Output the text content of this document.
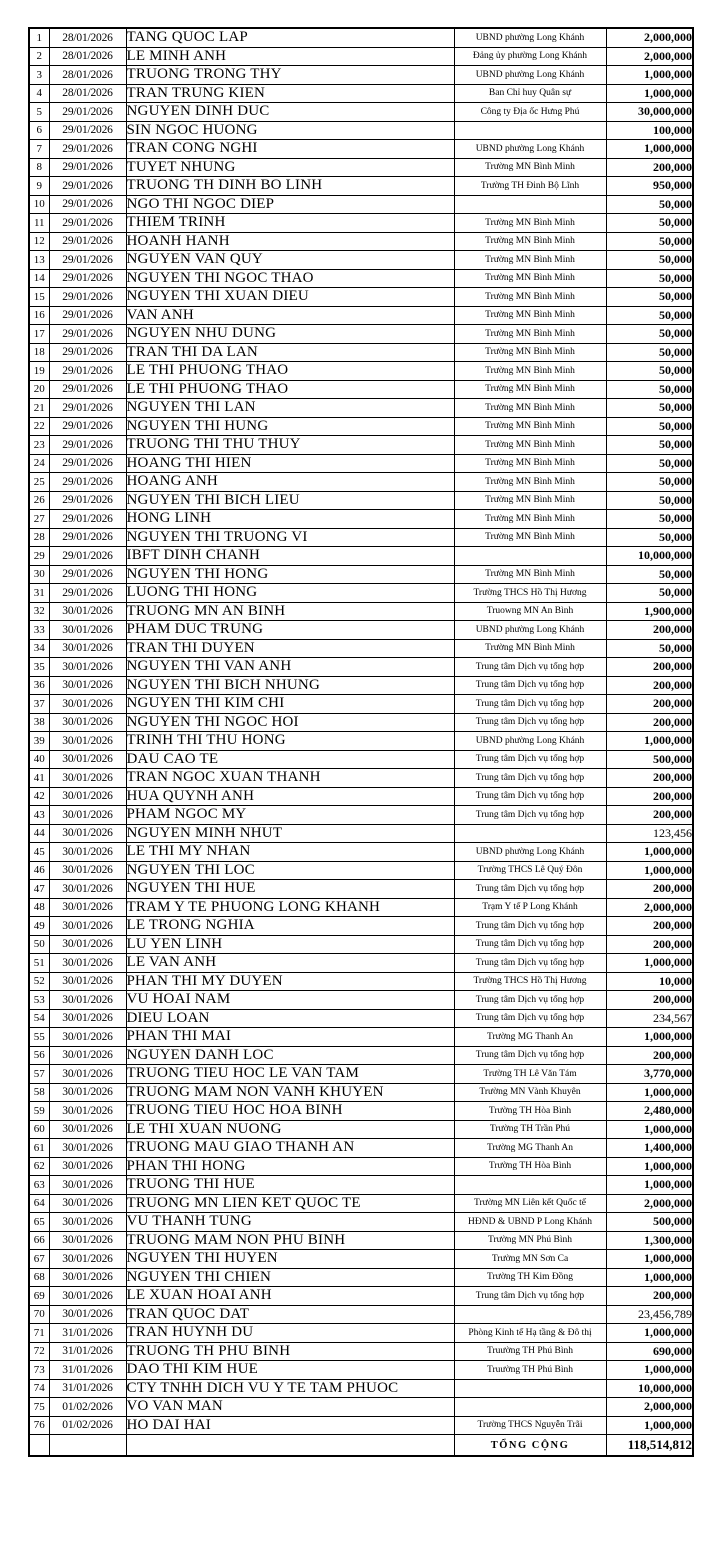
1	28/01/2026	TANG QUOC LAP	UBND phường Long Khánh	2,000,000
2	28/01/2026	LE MINH ANH	Đảng ủy phường Long Khánh	2,000,000
3	28/01/2026	TRUONG TRONG THY	UBND phường Long Khánh	1,000,000
4	28/01/2026	TRAN TRUNG KIEN	Ban Chỉ huy Quân sự	1,000,000
5	29/01/2026	NGUYEN DINH DUC	Công ty Địa ốc Hưng Phú	30,000,000
6	29/01/2026	SIN NGOC HUONG		100,000
7	29/01/2026	TRAN CONG NGHI	UBND phường Long Khánh	1,000,000
8	29/01/2026	TUYET NHUNG	Trường MN Bình Minh	200,000
9	29/01/2026	TRUONG TH DINH BO LINH	Trường TH Đinh Bộ Lĩnh	950,000
10	29/01/2026	NGO THI NGOC DIEP		50,000
11	29/01/2026	THIEM TRINH	Trường MN Bình Minh	50,000
12	29/01/2026	HOANH HANH	Trường MN Bình Minh	50,000
13	29/01/2026	NGUYEN VAN QUY	Trường MN Bình Minh	50,000
14	29/01/2026	NGUYEN THI NGOC THAO	Trường MN Bình Minh	50,000
15	29/01/2026	NGUYEN THI XUAN DIEU	Trường MN Bình Minh	50,000
16	29/01/2026	VAN ANH	Trường MN Bình Minh	50,000
17	29/01/2026	NGUYEN NHU DUNG	Trường MN Bình Minh	50,000
18	29/01/2026	TRAN THI DA LAN	Trường MN Bình Minh	50,000
19	29/01/2026	LE THI PHUONG THAO	Trường MN Bình Minh	50,000
20	29/01/2026	LE THI PHUONG THAO	Trường MN Bình Minh	50,000
21	29/01/2026	NGUYEN THI LAN	Trường MN Bình Minh	50,000
22	29/01/2026	NGUYEN THI HUNG	Trường MN Bình Minh	50,000
23	29/01/2026	TRUONG THI THU THUY	Trường MN Bình Minh	50,000
24	29/01/2026	HOANG THI HIEN	Trường MN Bình Minh	50,000
25	29/01/2026	HOANG ANH	Trường MN Bình Minh	50,000
26	29/01/2026	NGUYEN THI BICH LIEU	Trường MN Bình Minh	50,000
27	29/01/2026	HONG LINH	Trường MN Bình Minh	50,000
28	29/01/2026	NGUYEN THI TRUONG VI	Trường MN Bình Minh	50,000
29	29/01/2026	IBFT DINH CHANH		10,000,000
30	29/01/2026	NGUYEN THI HONG	Trường MN Bình Minh	50,000
31	29/01/2026	LUONG THI HONG	Trường THCS Hồ Thị Hương	50,000
32	30/01/2026	TRUONG MN AN BINH	Truowng MN An Bình	1,900,000
33	30/01/2026	PHAM DUC TRUNG	UBND phường Long Khánh	200,000
34	30/01/2026	TRAN THI DUYEN	Trường MN Bình Minh	50,000
35	30/01/2026	NGUYEN THI VAN ANH	Trung tâm Dịch vụ tổng hợp	200,000
36	30/01/2026	NGUYEN THI BICH NHUNG	Trung tâm Dịch vụ tổng hợp	200,000
37	30/01/2026	NGUYEN THI KIM CHI	Trung tâm Dịch vụ tổng hợp	200,000
38	30/01/2026	NGUYEN THI NGOC HOI	Trung tâm Dịch vụ tổng hợp	200,000
39	30/01/2026	TRINH THI THU HONG	UBND phường Long Khánh	1,000,000
40	30/01/2026	DAU CAO TE	Trung tâm Dịch vụ tổng hợp	500,000
41	30/01/2026	TRAN NGOC XUAN THANH	Trung tâm Dịch vụ tổng hợp	200,000
42	30/01/2026	HUA QUYNH ANH	Trung tâm Dịch vụ tổng hợp	200,000
43	30/01/2026	PHAM NGOC MY	Trung tâm Dịch vụ tổng hợp	200,000
44	30/01/2026	NGUYEN MINH NHUT		123,456
45	30/01/2026	LE THI MY NHAN	UBND phường Long Khánh	1,000,000
46	30/01/2026	NGUYEN THI LOC	Trường THCS Lê Quý Đôn	1,000,000
47	30/01/2026	NGUYEN THI HUE	Trung tâm Dịch vụ tổng hợp	200,000
48	30/01/2026	TRAM Y TE PHUONG LONG KHANH	Trạm Y tế P Long Khánh	2,000,000
49	30/01/2026	LE TRONG NGHIA	Trung tâm Dịch vụ tổng hợp	200,000
50	30/01/2026	LU YEN LINH	Trung tâm Dịch vụ tổng hợp	200,000
51	30/01/2026	LE VAN ANH	Trung tâm Dịch vụ tổng hợp	1,000,000
52	30/01/2026	PHAN THI MY DUYEN	Trường THCS Hồ Thị Hương	10,000
53	30/01/2026	VU HOAI NAM	Trung tâm Dịch vụ tổng hợp	200,000
54	30/01/2026	DIEU LOAN	Trung tâm Dịch vụ tổng hợp	234,567
55	30/01/2026	PHAN THI MAI	Trường MG Thanh An	1,000,000
56	30/01/2026	NGUYEN DANH LOC	Trung tâm Dịch vụ tổng hợp	200,000
57	30/01/2026	TRUONG TIEU HOC LE VAN TAM	Trường TH Lê Văn Tám	3,770,000
58	30/01/2026	TRUONG MAM NON VANH KHUYEN	Trường MN Vành Khuyên	1,000,000
59	30/01/2026	TRUONG TIEU HOC HOA BINH	Trường TH Hòa Bình	2,480,000
60	30/01/2026	LE THI XUAN NUONG	Trường TH Trần Phú	1,000,000
61	30/01/2026	TRUONG MAU GIAO THANH AN	Trường MG Thanh An	1,400,000
62	30/01/2026	PHAN THI HONG	Trường TH Hòa Bình	1,000,000
63	30/01/2026	TRUONG THI HUE		1,000,000
64	30/01/2026	TRUONG MN LIEN KET QUOC TE	Trường MN Liên kết Quốc tế	2,000,000
65	30/01/2026	VU THANH TUNG	HĐND & UBND P Long Khánh	500,000
66	30/01/2026	TRUONG MAM NON PHU BINH	Trường MN Phú Bình	1,300,000
67	30/01/2026	NGUYEN THI HUYEN	Trường MN Sơn Ca	1,000,000
68	30/01/2026	NGUYEN THI CHIEN	Trường TH Kim Đồng	1,000,000
69	30/01/2026	LE XUAN HOAI ANH	Trung tâm Dịch vụ tổng hợp	200,000
70	30/01/2026	TRAN QUOC DAT		23,456,789
71	31/01/2026	TRAN HUYNH DU	Phòng Kinh tế Hạ tầng & Đô thị	1,000,000
72	31/01/2026	TRUONG TH PHU BINH	Truường TH Phú Bình	690,000
73	31/01/2026	DAO THI KIM HUE	Truường TH Phú Bình	1,000,000
74	31/01/2026	CTY TNHH DICH VU Y TE TAM PHUOC		10,000,000
75	01/02/2026	VO VAN MAN		2,000,000
76	01/02/2026	HO DAI HAI	Trường THCS Nguyễn Trãi	1,000,000
			TỔNG CỘNG	118,514,812
